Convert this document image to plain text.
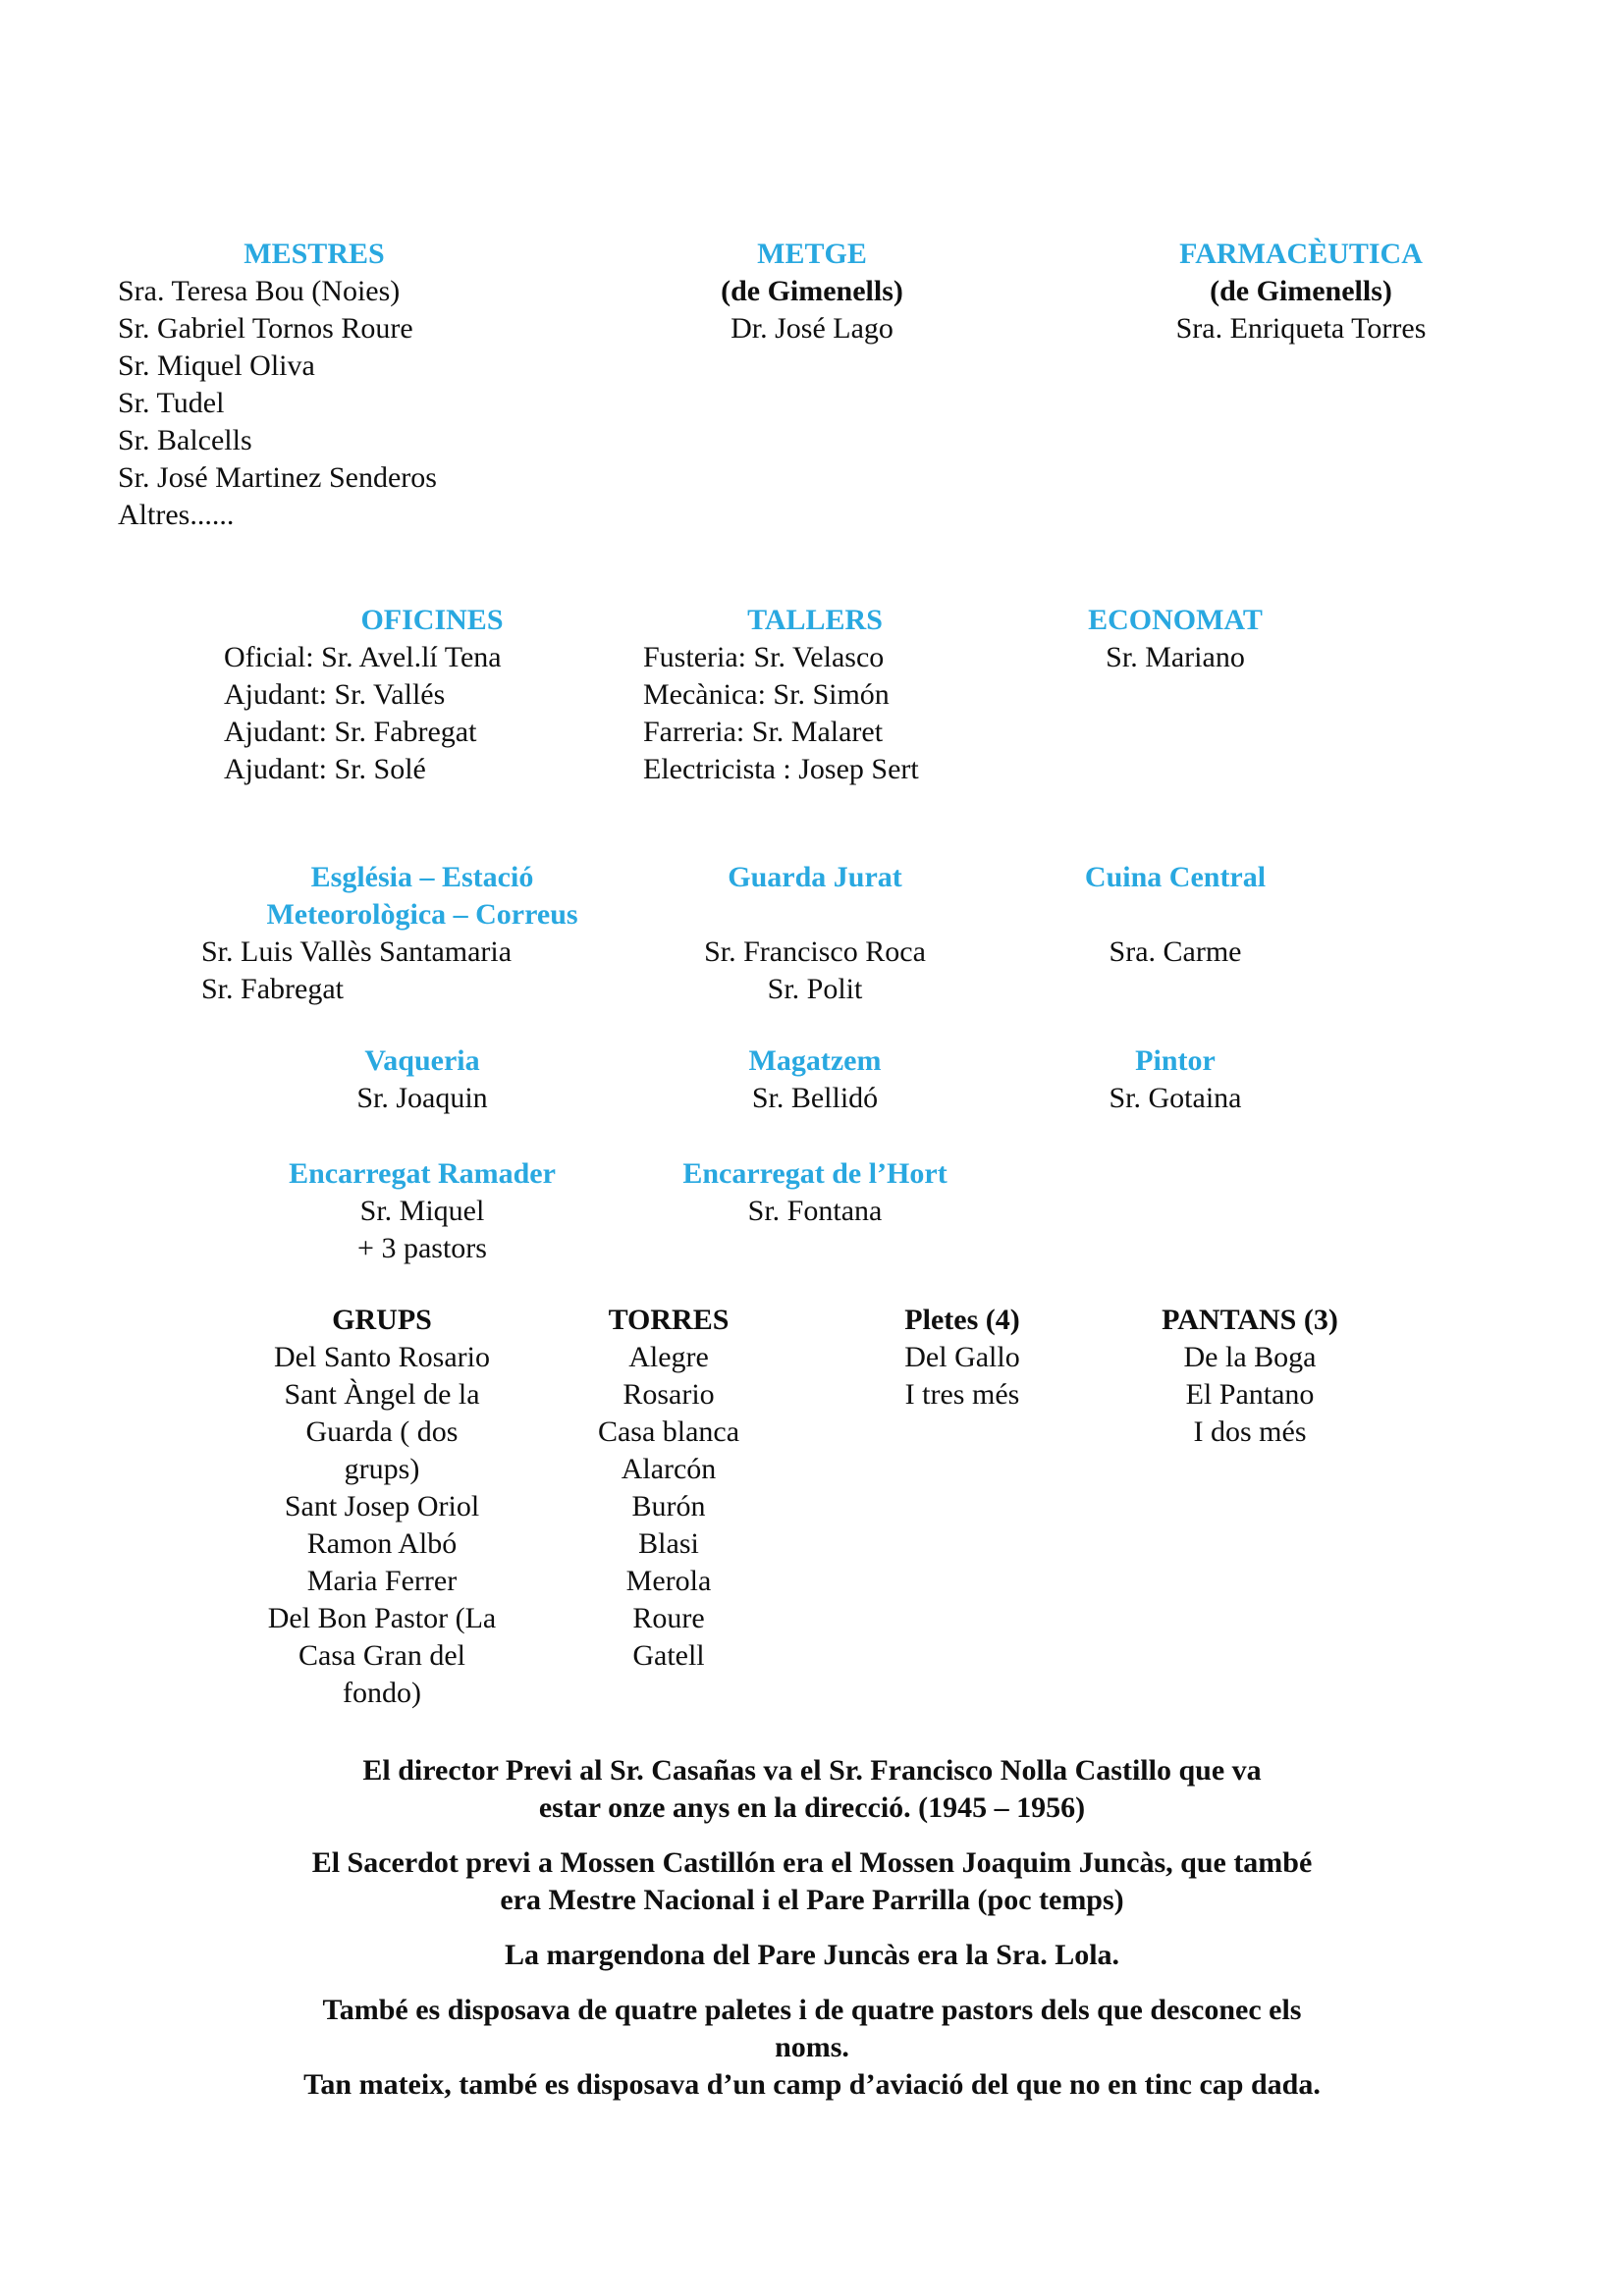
MESTRES
Sra. Teresa Bou (Noies)
Sr. Gabriel Tornos Roure
Sr. Miquel Oliva
Sr. Tudel
Sr. Balcells
Sr. José Martinez Senderos
Altres......
METGE
(de Gimenells)
Dr. José Lago
FARMACÈUTICA
(de Gimenells)
Sra. Enriqueta Torres
OFICINES
Oficial: Sr. Avel.lí Tena
Ajudant: Sr. Vallés
Ajudant: Sr. Fabregat
Ajudant: Sr. Solé
TALLERS
Fusteria: Sr. Velasco
Mecànica: Sr. Simón
Farreria: Sr. Malaret
Electricista : Josep Sert
ECONOMAT
Sr. Mariano
Església – Estació
Meteorològica – Correus
Sr. Luis Vallès Santamaria
Sr. Fabregat
Guarda Jurat
Sr. Francisco Roca
Sr. Polit
Cuina Central
Sra. Carme
Vaqueria
Sr. Joaquin
Magatzem
Sr. Bellidó
Pintor
Sr. Gotaina
Encarregat Ramader
Sr. Miquel
+ 3 pastors
Encarregat de l’Hort
Sr. Fontana
GRUPS
Del Santo Rosario
Sant Àngel de la
Guarda ( dos
grups)
Sant Josep Oriol
Ramon Albó
Maria Ferrer
Del Bon Pastor (La
Casa Gran del
fondo)
TORRES
Alegre
Rosario
Casa blanca
Alarcón
Burón
Blasi
Merola
Roure
Gatell
Pletes (4)
Del Gallo
I tres més
PANTANS (3)
De la Boga
El Pantano
I dos més
El director Previ al Sr. Casañas va el Sr. Francisco Nolla Castillo que va
estar onze anys en la direcció. (1945 – 1956)
El Sacerdot previ a Mossen Castillón era el Mossen Joaquim Juncàs, que també
era Mestre Nacional i el Pare Parrilla (poc temps)
La margendona del Pare Juncàs era la Sra. Lola.
També es disposava de quatre paletes i de quatre pastors dels que desconec els
noms.
Tan mateix, també es disposava d’un camp d’aviació del que no en tinc cap dada.
